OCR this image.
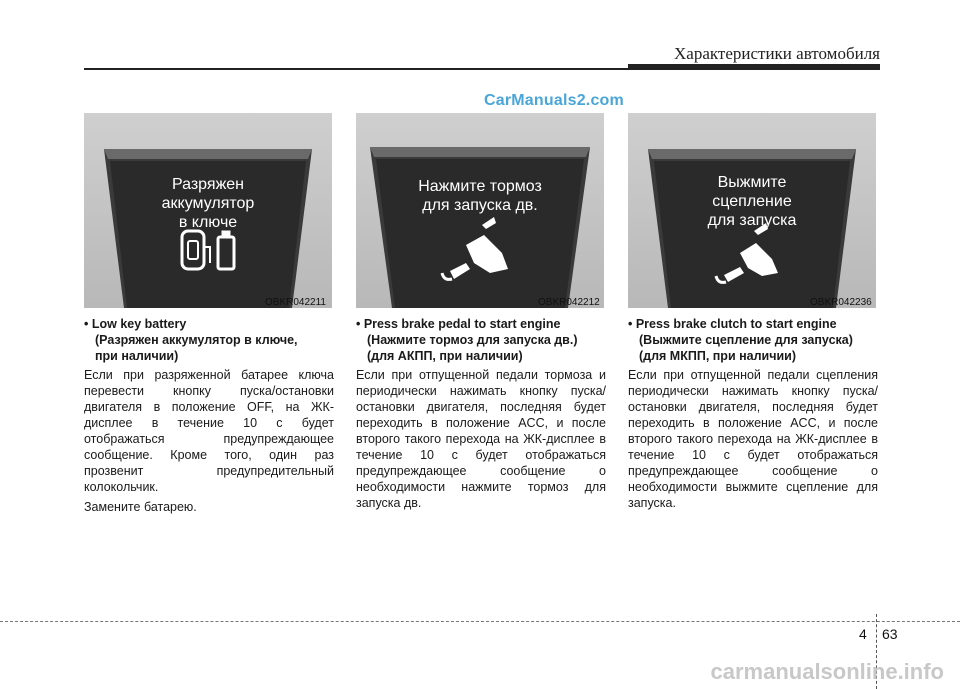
Характеристики автомобиля
CarManuals2.com
Разряжен
аккумулятор
в ключе
OBKR042211
Нажмите тормоз
для запуска дв.
OBKR042212
Выжмите
сцепление
для запуска
OBKR042236
• Low key battery
(Разряжен аккумулятор в ключе,
при наличии)
Если при разряженной батарее ключа перевести кнопку пуска/остановки двигателя в положение OFF, на ЖК-дисплее в течение 10 с будет отображаться предупреждающее сообщение. Кроме того, один раз прозвенит предупредительный колокольчик.
Замените батарею.
• Press brake pedal to start engine
(Нажмите тормоз для запуска дв.)
(для АКПП, при наличии)
Если при отпущенной педали тормоза и периодически нажимать кнопку пуска/остановки двигателя, последняя будет переходить в положение ACC, и после второго такого перехода на ЖК-дисплее в течение 10 с будет отображаться предупреждающее сообщение о необходимости нажмите тормоз для запуска дв.
• Press brake clutch to start engine
(Выжмите сцепление для запуска)
(для МКПП, при наличии)
Если при отпущенной педали сцепления периодически нажимать кнопку пуска/остановки двигателя, последняя будет переходить в положение ACC, и после второго такого перехода на ЖК-дисплее в течение 10 с будет отображаться предупреждающее сообщение о необходимости выжмите сцепление для запуска.
4 63
carmanualsonline.info
